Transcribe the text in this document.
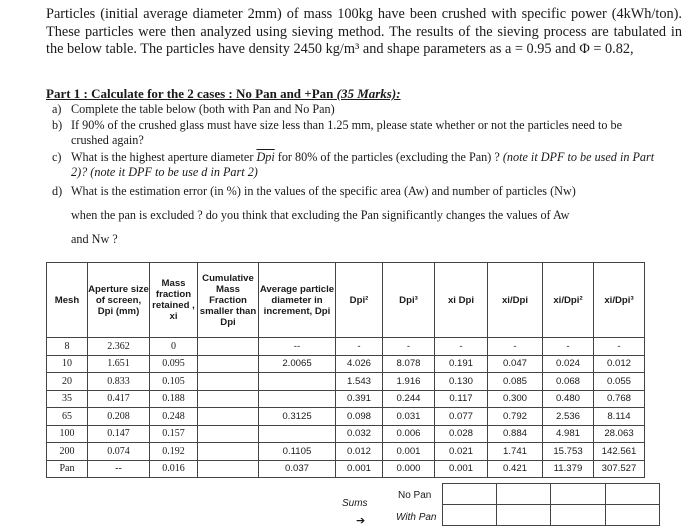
Particles (initial average diameter 2mm) of mass 100kg have been crushed with specific power (4kWh/ton). These particles were then analyzed using sieving method. The results of the sieving process are tabulated in the below table. The particles have density 2450 kg/m³ and shape parameters as a = 0.95 and Φ = 0.82,
Part 1 : Calculate for the 2 cases : No Pan and +Pan (35 Marks):
a) Complete the table below (both with Pan and No Pan)
b) If 90% of the crushed glass must have size less than 1.25 mm, please state whether or not the particles need to be crushed again?
c) What is the highest aperture diameter $\overline{Dpi}$ for 80% of the particles (excluding the Pan) ? (note it DPF to be used in Part 2)? (note it DPF to be use d in Part 2)
d) What is the estimation error (in %) in the values of the specific area (Aw) and number of particles (Nw)
when the pan is excluded ? do you think that excluding the Pan significantly changes the values of Aw
and Nw ?
Mesh	Aperture size of screen, Dpi (mm)	Mass fraction retained , xi	Cumulative Mass Fraction smaller than Dpi	Average particle diameter in increment, Dpi	Dpi²	Dpi³	xi Dpi	xi/Dpi	xi/Dpi²	xi/Dpi³
8	2.362	0		--	-	-	-	-	-	-
10	1.651	0.095		2.0065	4.026	8.078	0.191	0.047	0.024	0.012
20	0.833	0.105			1.543	1.916	0.130	0.085	0.068	0.055
35	0.417	0.188			0.391	0.244	0.117	0.300	0.480	0.768
65	0.208	0.248		0.3125	0.098	0.031	0.077	0.792	2.536	8.114
100	0.147	0.157			0.032	0.006	0.028	0.884	4.981	28.063
200	0.074	0.192		0.1105	0.012	0.001	0.021	1.741	15.753	142.561
Pan	--	0.016		0.037	0.001	0.000	0.001	0.421	11.379	307.527
Sums
➔
No Pan
With Pan
